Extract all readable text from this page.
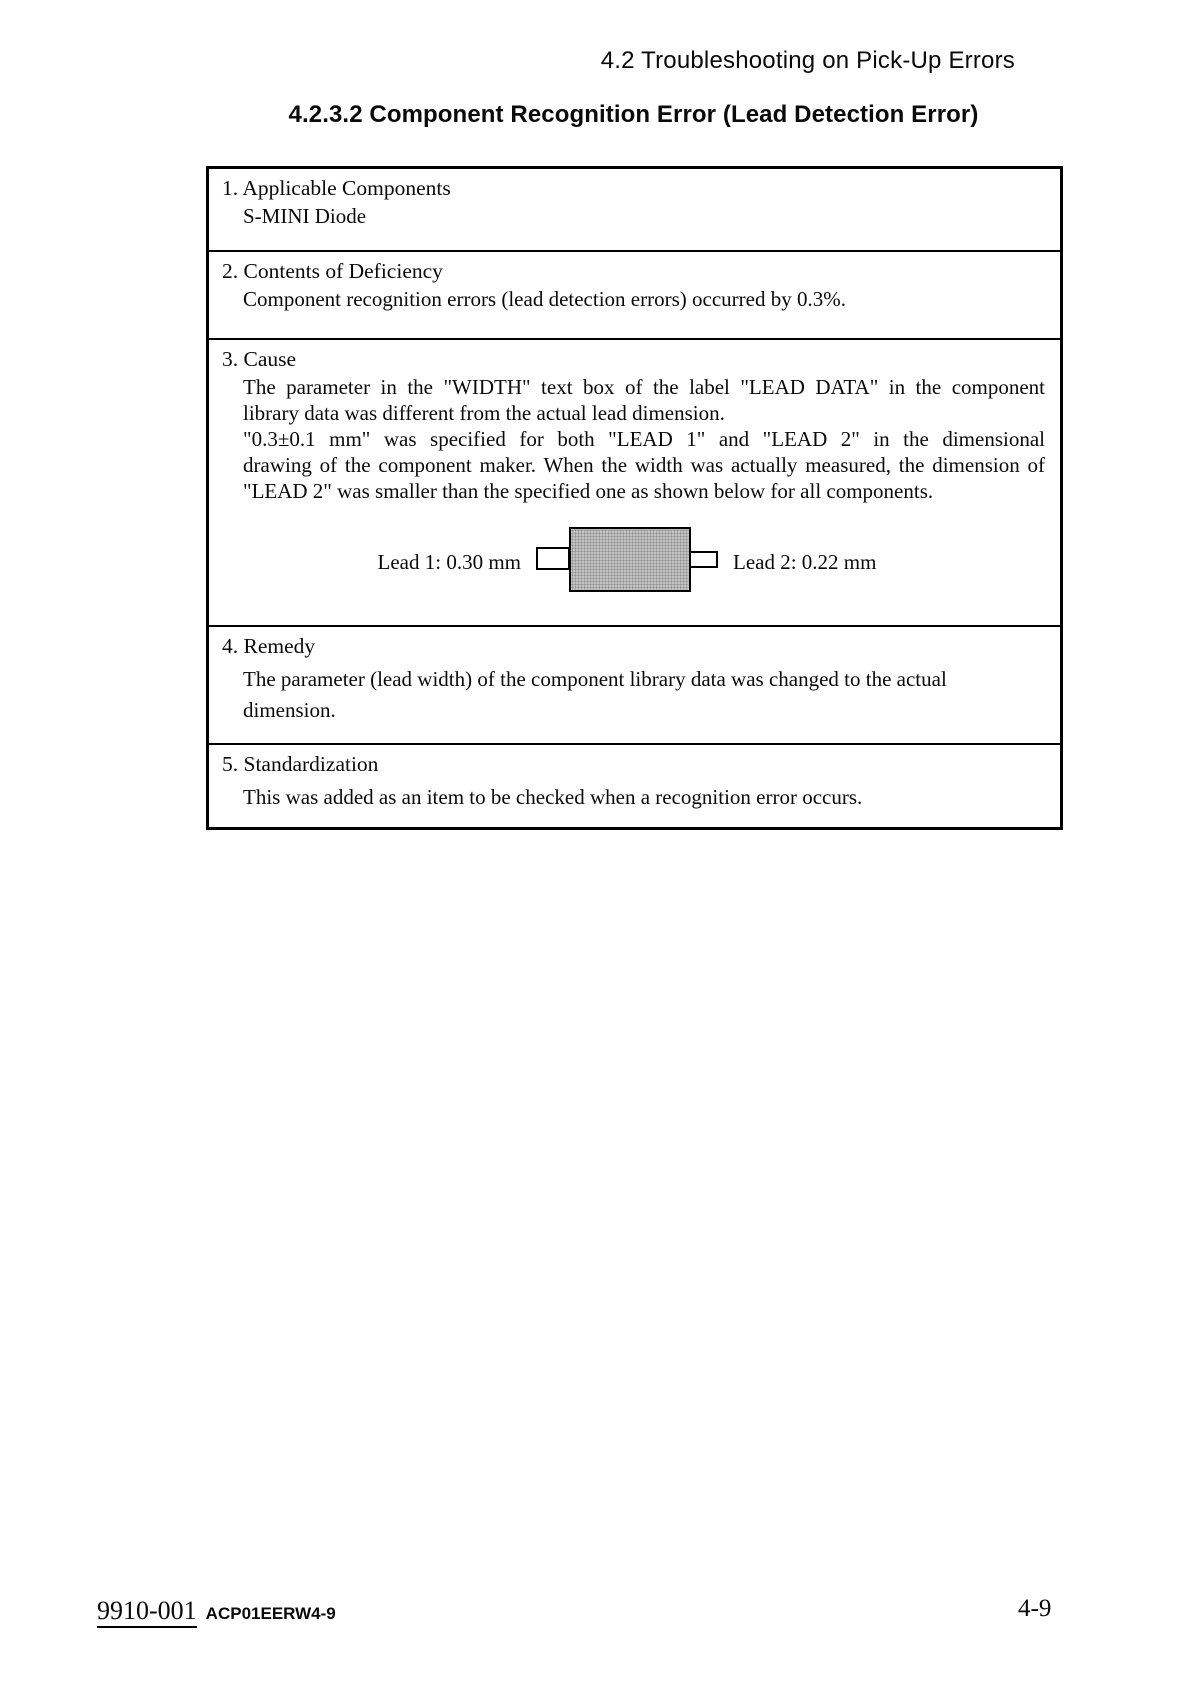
4.2 Troubleshooting on Pick-Up Errors
4.2.3.2 Component Recognition Error (Lead Detection Error)
1. Applicable Components
S-MINI Diode
2. Contents of Deficiency
Component recognition errors (lead detection errors) occurred by 0.3%.
3. Cause
The parameter in the "WIDTH" text box of the label "LEAD DATA" in the component
library data was different from the actual lead dimension.
"0.3±0.1 mm" was specified for both "LEAD 1" and "LEAD 2" in the dimensional
drawing of the component maker. When the width was actually measured, the dimension of
"LEAD 2" was smaller than the specified one as shown below for all components.
4. Remedy
The parameter (lead width) of the component library data was changed to the actual
dimension.
5. Standardization
This was added as an item to be checked when a recognition error occurs.
Lead 1: 0.30 mm	Lead 2: 0.22 mm
9910-001 ACP01EERW4-9	4-9
